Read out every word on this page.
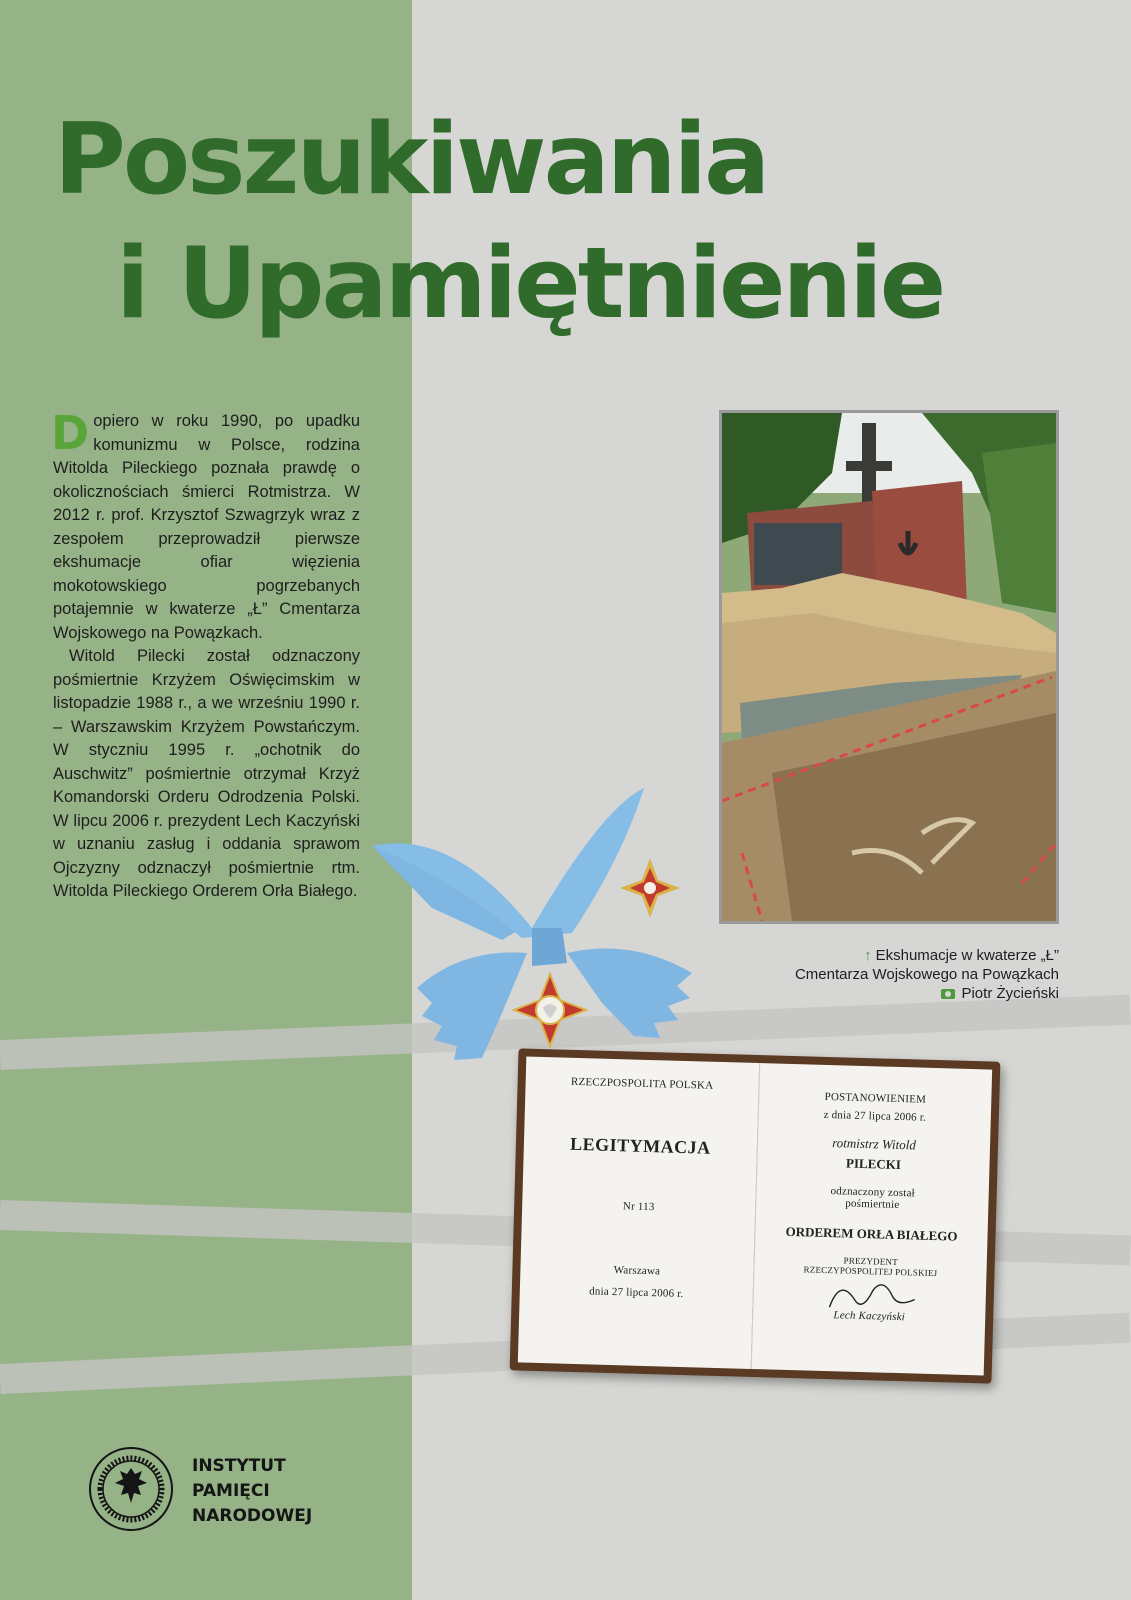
Poszukiwania
i Upamiętnienie

Dopiero w roku 1990, po upadku komunizmu w Polsce, rodzina Witolda Pileckiego poznała prawdę o okolicznościach śmierci Rotmistrza. W 2012 r. prof. Krzysztof Szwagrzyk wraz z zespołem przeprowadził pierwsze ekshumacje ofiar więzienia mokotowskiego pogrzebanych potajemnie w kwaterze „Ł” Cmentarza Wojskowego na Powązkach.

Witold Pilecki został odznaczony pośmiertnie Krzyżem Oświęcimskim w listopadzie 1988 r., a we wrześniu 1990 r. – Warszawskim Krzyżem Powstańczym. W styczniu 1995 r. „ochotnik do Auschwitz” pośmiertnie otrzymał Krzyż Komandorski Orderu Odrodzenia Polski. W lipcu 2006 r. prezydent Lech Kaczyński w uznaniu zasług i oddania sprawom Ojczyzny odznaczył pośmiertnie rtm. Witolda Pileckiego Orderem Orła Białego.

↑ Ekshumacje w kwaterze „Ł”
Cmentarza Wojskowego na Powązkach
Piotr Życieński
RZECZPOSPOLITA POLSKA
LEGITYMACJA
Nr 113
Warszawa
dnia 27 lipca 2006 r.
POSTANOWIENIEM
z dnia 27 lipca 2006 r.
rotmistrz Witold
PILECKI
odznaczony został
pośmiertnie
ORDEREM ORŁA BIAŁEGO
PREZYDENT
RZECZYPOSPOLITEJ POLSKIEJ
Lech Kaczyński
INSTYTUT
PAMIĘCI
NARODOWEJ
